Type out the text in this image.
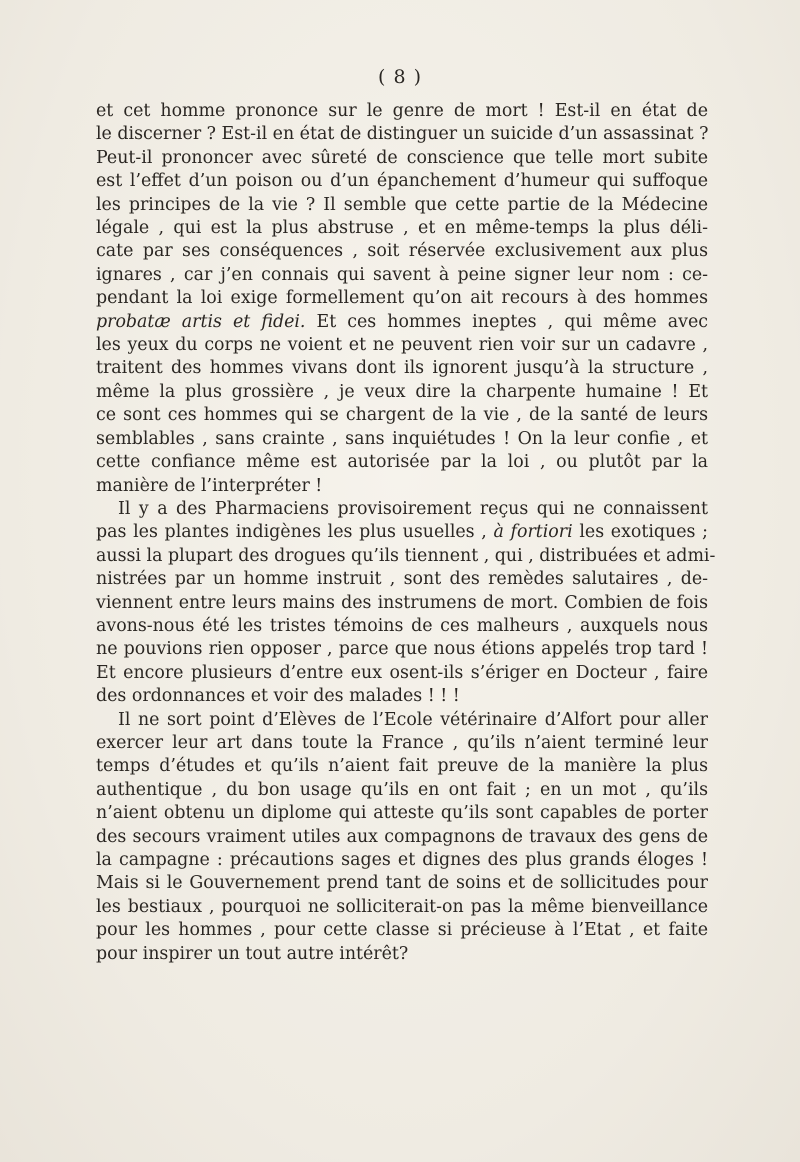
( 8 )
et cet homme prononce sur le genre de mort ! Est-il en état de
le discerner ? Est-il en état de distinguer un suicide d’un assassinat ?
Peut-il prononcer avec sûreté de conscience que telle mort subite
est l’effet d’un poison ou d’un épanchement d’humeur qui suffoque
les principes de la vie ? Il semble que cette partie de la Médecine
légale , qui est la plus abstruse , et en même-temps la plus déli-
cate par ses conséquences , soit réservée exclusivement aux plus
ignares , car j’en connais qui savent à peine signer leur nom : ce-
pendant la loi exige formellement qu’on ait recours à des hommes
probatæ artis et fidei. Et ces hommes ineptes , qui même avec
les yeux du corps ne voient et ne peuvent rien voir sur un cadavre ,
traitent des hommes vivans dont ils ignorent jusqu’à la structure ,
même la plus grossière , je veux dire la charpente humaine ! Et
ce sont ces hommes qui se chargent de la vie , de la santé de leurs
semblables , sans crainte , sans inquiétudes ! On la leur confie , et
cette confiance même est autorisée par la loi , ou plutôt par la
manière de l’interpréter !
Il y a des Pharmaciens provisoirement reçus qui ne connaissent
pas les plantes indigènes les plus usuelles , à fortiori les exotiques ;
aussi la plupart des drogues qu’ils tiennent , qui , distribuées et admi-
nistrées par un homme instruit , sont des remèdes salutaires , de-
viennent entre leurs mains des instrumens de mort. Combien de fois
avons-nous été les tristes témoins de ces malheurs , auxquels nous
ne pouvions rien opposer , parce que nous étions appelés trop tard !
Et encore plusieurs d’entre eux osent-ils s’ériger en Docteur , faire
des ordonnances et voir des malades ! ! !
Il ne sort point d’Elèves de l’Ecole vétérinaire d’Alfort pour aller
exercer leur art dans toute la France , qu’ils n’aient terminé leur
temps d’études et qu’ils n’aient fait preuve de la manière la plus
authentique , du bon usage qu’ils en ont fait ; en un mot , qu’ils
n’aient obtenu un diplome qui atteste qu’ils sont capables de porter
des secours vraiment utiles aux compagnons de travaux des gens de
la campagne : précautions sages et dignes des plus grands éloges !
Mais si le Gouvernement prend tant de soins et de sollicitudes pour
les bestiaux , pourquoi ne solliciterait-on pas la même bienveillance
pour les hommes , pour cette classe si précieuse à l’Etat , et faite
pour inspirer un tout autre intérêt?
